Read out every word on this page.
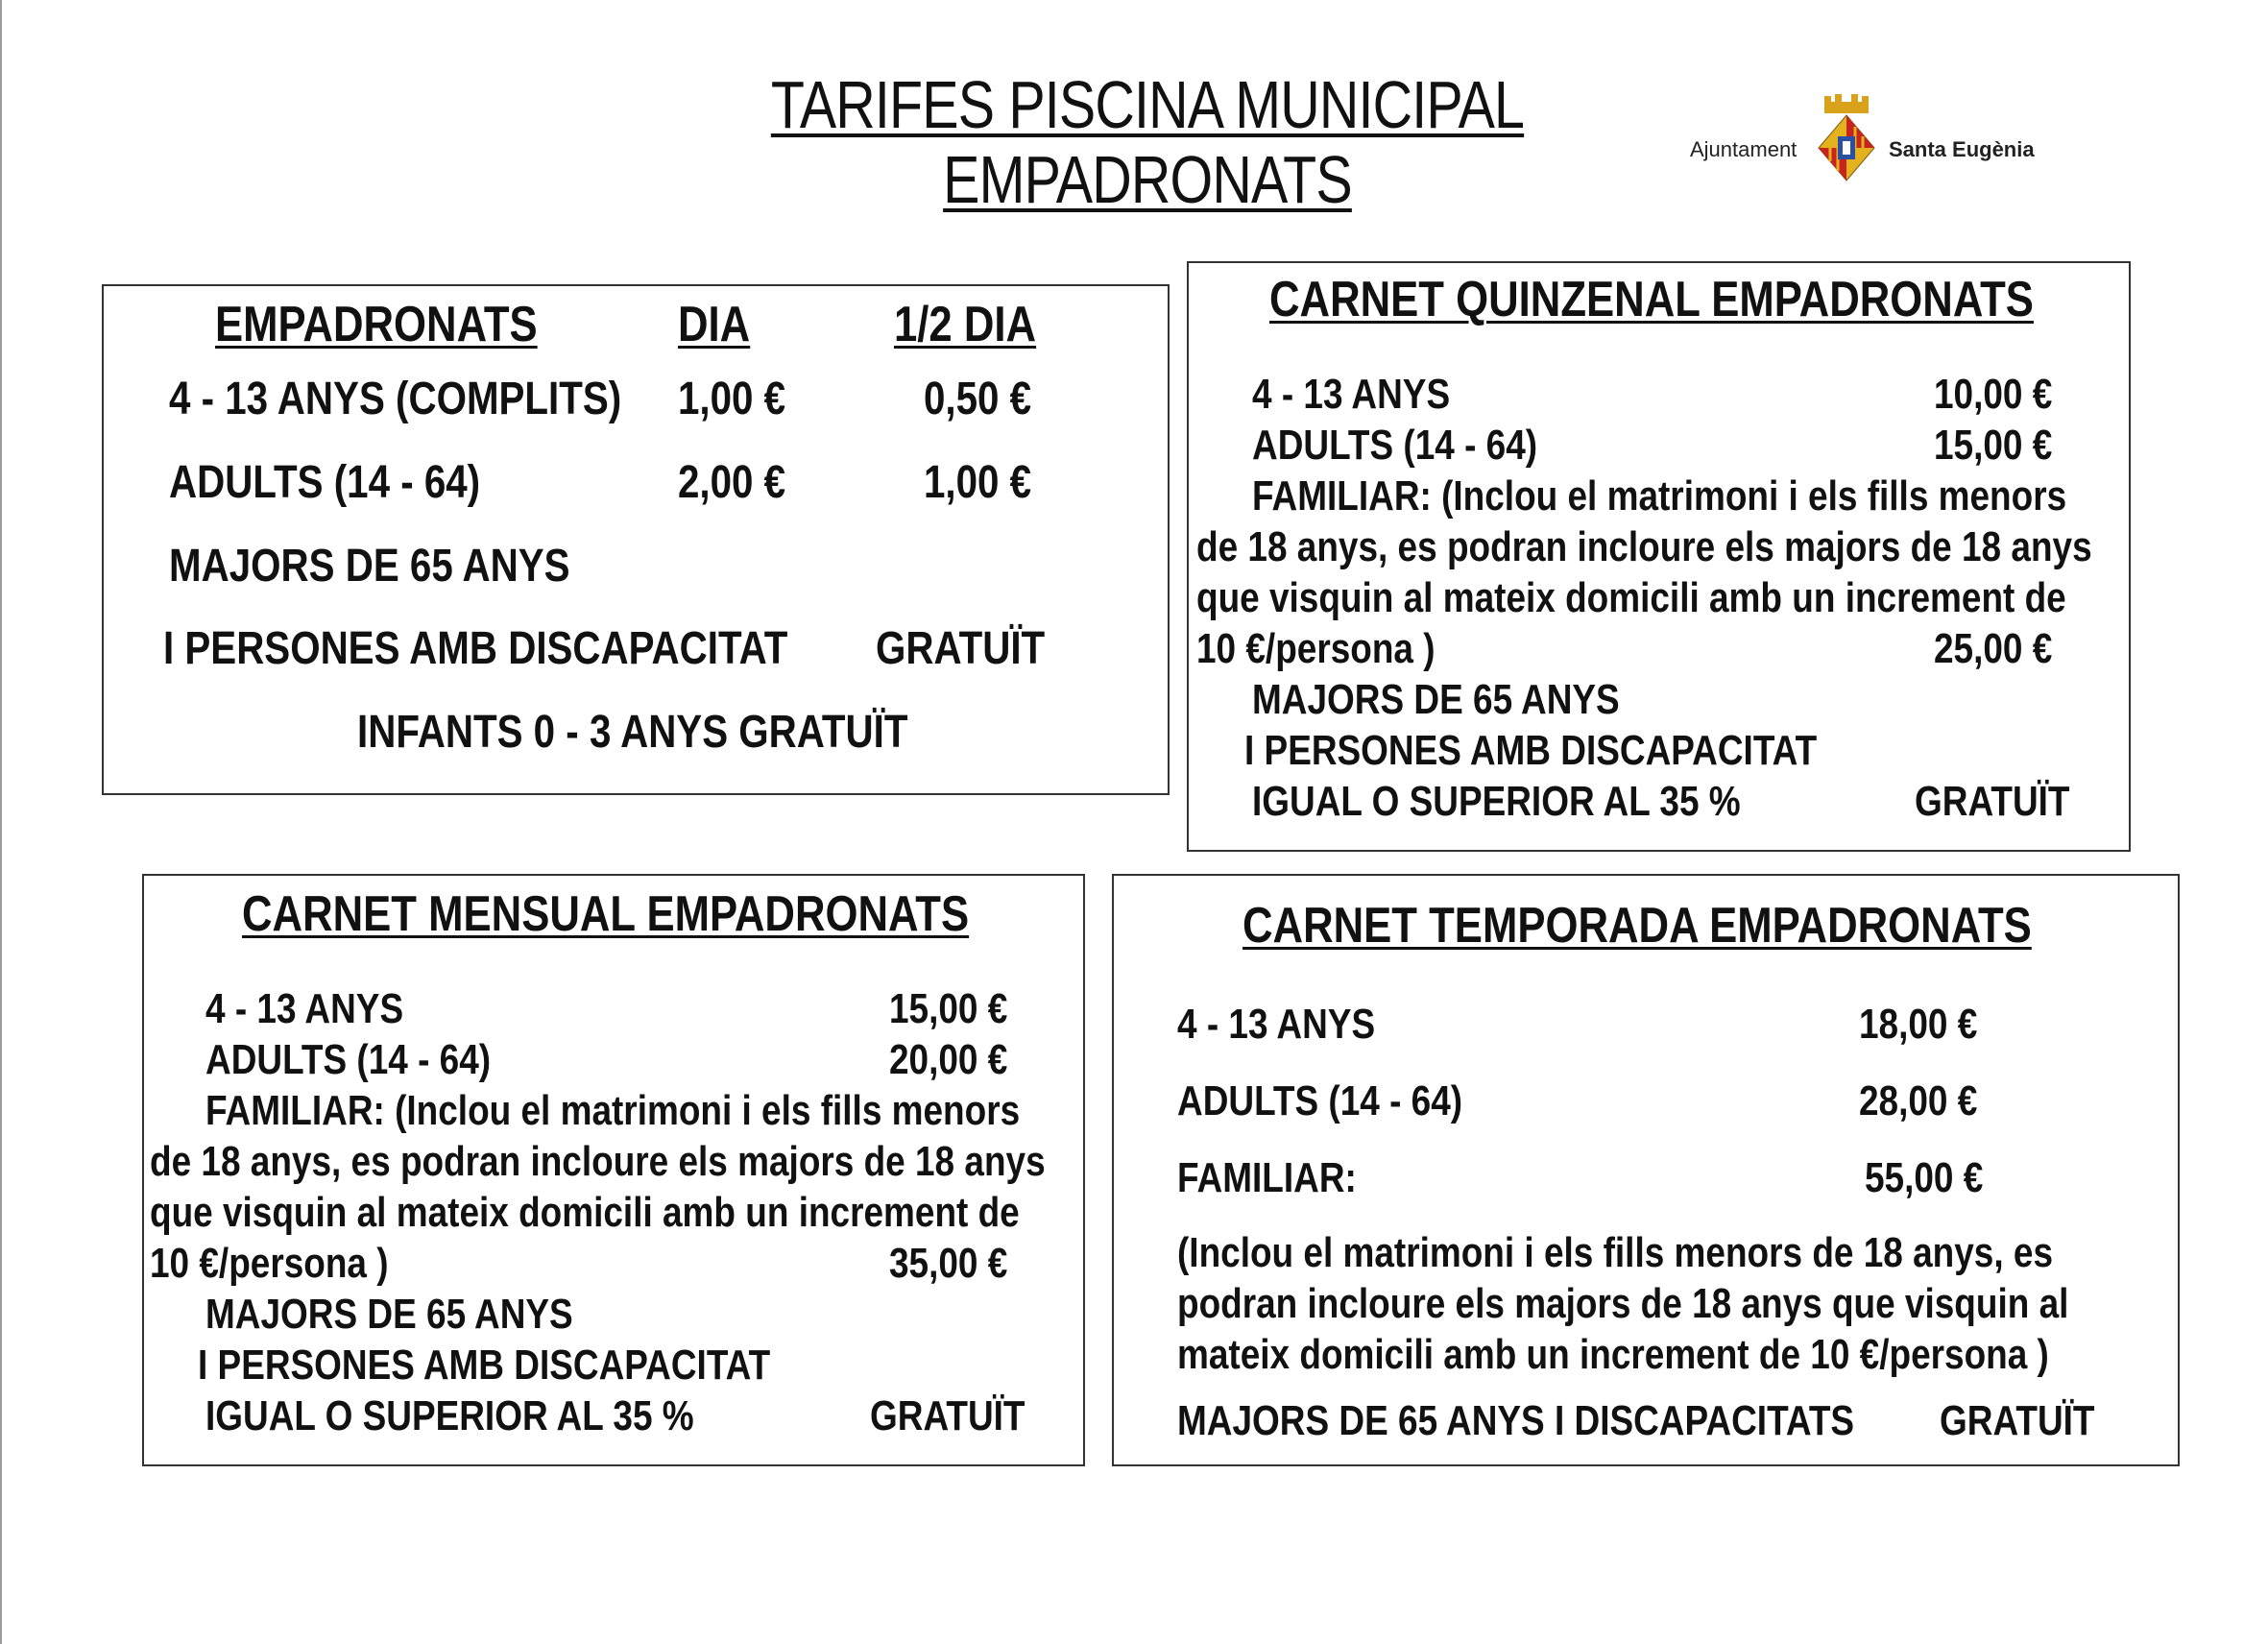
TARIFES PISCINA MUNICIPAL
EMPADRONATS	Ajuntament	Santa Eugènia
EMPADRONATS	DIA	1/2 DIA
4 - 13 ANYS (COMPLITS) 1,00 €	0,50 €
ADULTS (14 - 64)	2,00 €	1,00 €
MAJORS DE 65 ANYS
I PERSONES AMB DISCAPACITAT GRATUÏT
INFANTS 0 - 3 ANYS GRATUÏT
CARNET QUINZENAL EMPADRONATS
4 - 13 ANYS	10,00 €
ADULTS (14 - 64)	15,00 €
FAMILIAR: (Inclou el matrimoni i els fills menors
de 18 anys, es podran incloure els majors de 18 anys
que visquin al mateix domicili amb un increment de
10 €/persona )	25,00 €
MAJORS DE 65 ANYS
I PERSONES AMB DISCAPACITAT
IGUAL O SUPERIOR AL 35 %	GRATUÏT
CARNET MENSUAL EMPADRONATS
4 - 13 ANYS	15,00 €
ADULTS (14 - 64)	20,00 €
FAMILIAR: (Inclou el matrimoni i els fills menors
de 18 anys, es podran incloure els majors de 18 anys
que visquin al mateix domicili amb un increment de
10 €/persona )	35,00 €
MAJORS DE 65 ANYS
I PERSONES AMB DISCAPACITAT
IGUAL O SUPERIOR AL 35 %	GRATUÏT
CARNET TEMPORADA EMPADRONATS
4 - 13 ANYS	18,00 €
ADULTS (14 - 64)	28,00 €
FAMILIAR:	55,00 €
(Inclou el matrimoni i els fills menors de 18 anys, es
podran incloure els majors de 18 anys que visquin al
mateix domicili amb un increment de 10 €/persona )
MAJORS DE 65 ANYS I DISCAPACITATS GRATUÏT
